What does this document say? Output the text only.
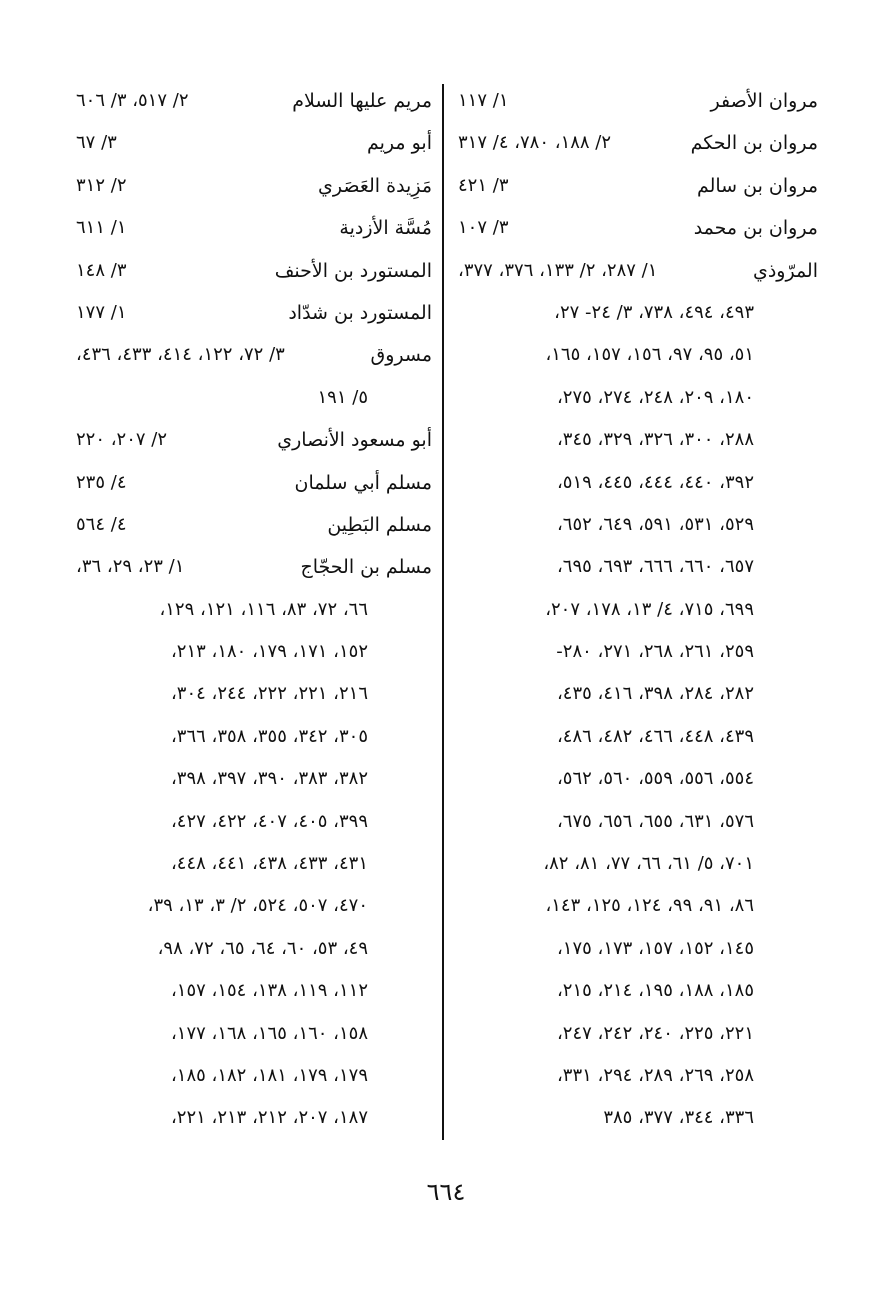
مروان الأصفر
١/ ١١٧
مروان بن الحكم
٢/ ١٨٨، ٧٨٠، ٤/ ٣١٧
مروان بن سالم
٣/ ٤٢١
مروان بن محمد
٣/ ١٠٧
المرّوذي
١/ ٢٨٧، ٢/ ١٣٣، ٣٧٦، ٣٧٧،
٤٩٣، ٤٩٤، ٧٣٨، ٣/ ٢٤- ٢٧،
٥١، ٩٥، ٩٧، ١٥٦، ١٥٧، ١٦٥،
١٨٠، ٢٠٩، ٢٤٨، ٢٧٤، ٢٧٥،
٢٨٨، ٣٠٠، ٣٢٦، ٣٢٩، ٣٤٥،
٣٩٢، ٤٤٠، ٤٤٤، ٤٤٥، ٥١٩،
٥٢٩، ٥٣١، ٥٩١، ٦٤٩، ٦٥٢،
٦٥٧، ٦٦٠، ٦٦٦، ٦٩٣، ٦٩٥،
٦٩٩، ٧١٥، ٤/ ١٣، ١٧٨، ٢٠٧،
٢٥٩، ٢٦١، ٢٦٨، ٢٧١، ٢٨٠-
٢٨٢، ٢٨٤، ٣٩٨، ٤١٦، ٤٣٥،
٤٣٩، ٤٤٨، ٤٦٦، ٤٨٢، ٤٨٦،
٥٥٤، ٥٥٦، ٥٥٩، ٥٦٠، ٥٦٢،
٥٧٦، ٦٣١، ٦٥٥، ٦٥٦، ٦٧٥،
٧٠١، ٥/ ٦١، ٦٦، ٧٧، ٨١، ٨٢،
٨٦، ٩١، ٩٩، ١٢٤، ١٢٥، ١٤٣،
١٤٥، ١٥٢، ١٥٧، ١٧٣، ١٧٥،
١٨٥، ١٨٨، ١٩٥، ٢١٤، ٢١٥،
٢٢١، ٢٢٥، ٢٤٠، ٢٤٢، ٢٤٧،
٢٥٨، ٢٦٩، ٢٨٩، ٢٩٤، ٣٣١،
٣٣٦، ٣٤٤، ٣٧٧، ٣٨٥
مريم عليها السلام
٢/ ٥١٧، ٣/ ٦٠٦
أبو مريم
٣/ ٦٧
مَزِيدة العَصَري
٢/ ٣١٢
مُسَّة الأزدية
١/ ٦١١
المستورد بن الأحنف
٣/ ١٤٨
المستورد بن شدّاد
١/ ١٧٧
مسروق
٣/ ٧٢، ١٢٢، ٤١٤، ٤٣٣، ٤٣٦،
٥/ ١٩١
أبو مسعود الأنصاري
٢/ ٢٠٧، ٢٢٠
مسلم أبي سلمان
٤/ ٢٣٥
مسلم البَطِين
٤/ ٥٦٤
مسلم بن الحجّاج
١/ ٢٣، ٢٩، ٣٦،
٦٦، ٧٢، ٨٣، ١١٦، ١٢١، ١٢٩،
١٥٢، ١٧١، ١٧٩، ١٨٠، ٢١٣،
٢١٦، ٢٢١، ٢٢٢، ٢٤٤، ٣٠٤،
٣٠٥، ٣٤٢، ٣٥٥، ٣٥٨، ٣٦٦،
٣٨٢، ٣٨٣، ٣٩٠، ٣٩٧، ٣٩٨،
٣٩٩، ٤٠٥، ٤٠٧، ٤٢٢، ٤٢٧،
٤٣١، ٤٣٣، ٤٣٨، ٤٤١، ٤٤٨،
٤٧٠، ٥٠٧، ٥٢٤، ٢/ ٣، ١٣، ٣٩،
٤٩، ٥٣، ٦٠، ٦٤، ٦٥، ٧٢، ٩٨،
١١٢، ١١٩، ١٣٨، ١٥٤، ١٥٧،
١٥٨، ١٦٠، ١٦٥، ١٦٨، ١٧٧،
١٧٩، ١٧٩، ١٨١، ١٨٢، ١٨٥،
١٨٧، ٢٠٧، ٢١٢، ٢١٣، ٢٢١،
٦٦٤
